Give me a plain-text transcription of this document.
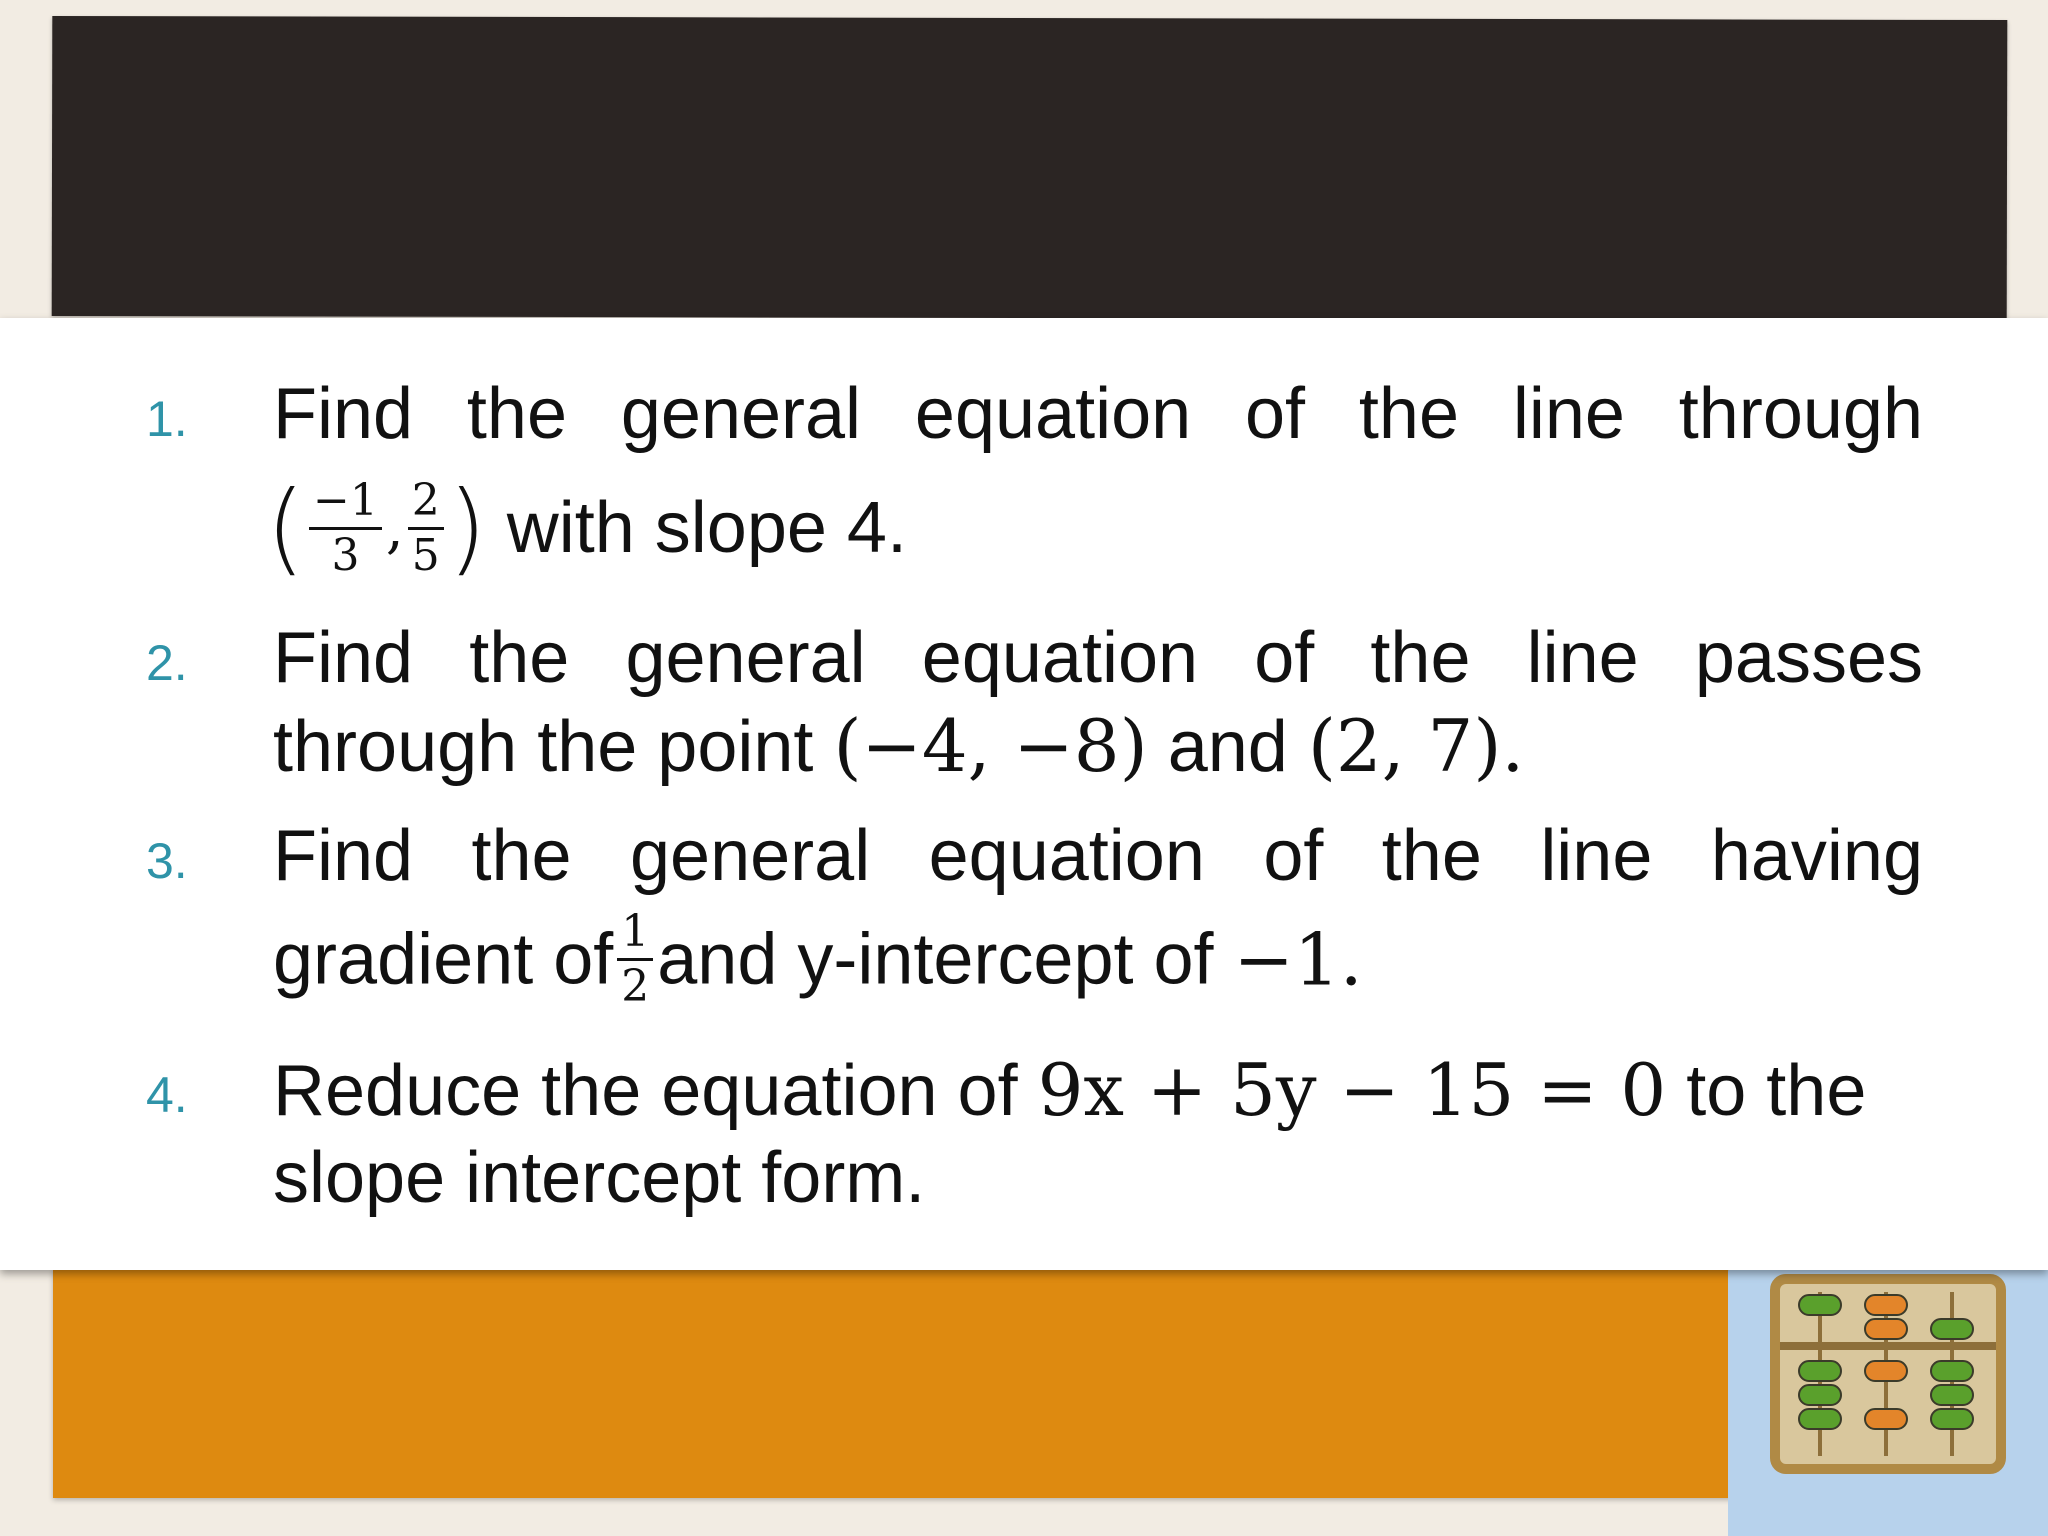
1. Find the general equation of the line through
( $\frac{-1}{3}$ , $\frac{2}{5}$ ) with slope 4.
2. Find the general equation of the line passes
through the point (−4, −8) and (2, 7).
3. Find the general equation of the line having
gradient of $\frac{1}{2}$ and y-intercept of −1.
4. Reduce the equation of 9x + 5y − 15 = 0 to the
slope intercept form.
